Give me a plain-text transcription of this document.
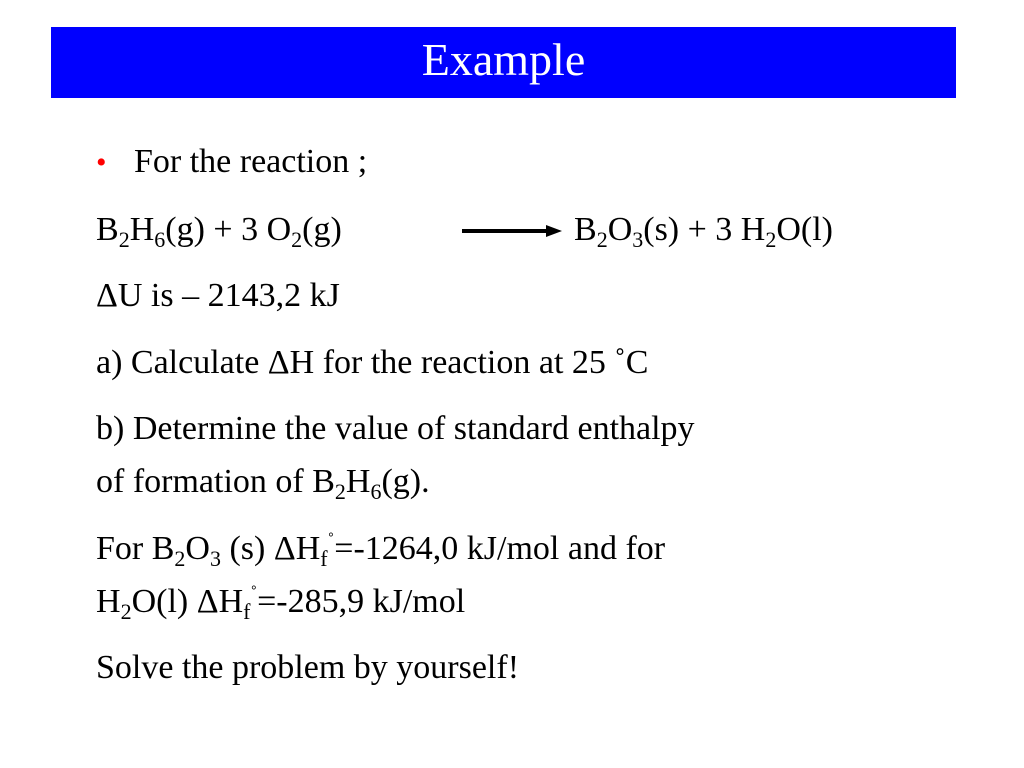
Example
• For the reaction ;
$B_2H_6(g) + 3$ $O_2(g)$	→ $B_2O_3(s) + 3$ $H_2O(l)$
ΔU is – 2143,2 kJ
a) Calculate ΔH for the reaction at 25 ˚C
b) Determine the value of standard enthalpy
of formation of $B_2H_6(g)$.
For $B_2O_3$ (s) $\Delta H_f^˚=-1264,0$ kJ/mol and for
$H_2O(l)$ $\Delta H_f^˚=-285,9$ kJ/mol
Solve the problem by yourself!
